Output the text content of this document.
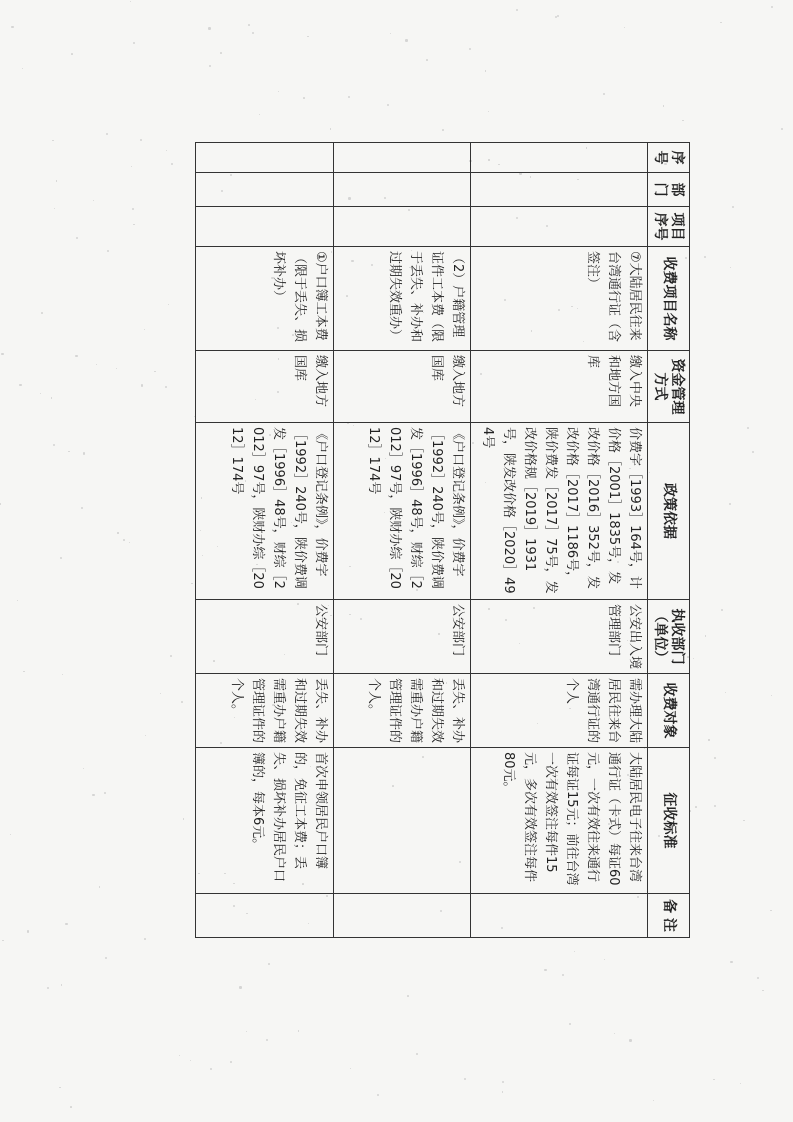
序号	部门	项目序号	收费项目名称	资金管理方式	政策依据	执收部门（单位）	收费对象	征收标准	备 注
			⑦大陆居民往来台湾通行证（含签注）	缴入中央和地方国库	价费字［1993］164号，计价格［2001］1835号，发改价格［2016］352号，发改价格［2017］1186号，陕价费发［2017］75号，发改价格规［2019］1931号，陕发改价格［2020］494号	公安出入境管理部门	需办理大陆居民往来台湾通行证的个人	大陆居民电子往来台湾通行证（卡式）每证60元，一次有效往来通行证每证15元；前往台湾一次有效签注每件15元，多次有效签注每件80元。	
			（2）户籍管理证件工本费（限于丢失、补办和过期失效重办）	缴入地方国库	《户口登记条例》，价费字［1992］240号，陕价费调发［1996］48号，财综［2012］97号，陕财办综［2012］174号	公安部门	丢失、补办和过期失效需重办户籍管理证件的个人。		
			①户口簿工本费（限于丢失、损坏补办）	缴入地方国库	《户口登记条例》，价费字［1992］240号，陕价费调发［1996］48号，财综［2012］97号，陕财办综［2012］174号	公安部门	丢失、补办和过期失效需重办户籍管理证件的个人。	首次申领居民户口簿的，免征工本费；丢失、损坏补办居民户口簿的，每本6元。	
